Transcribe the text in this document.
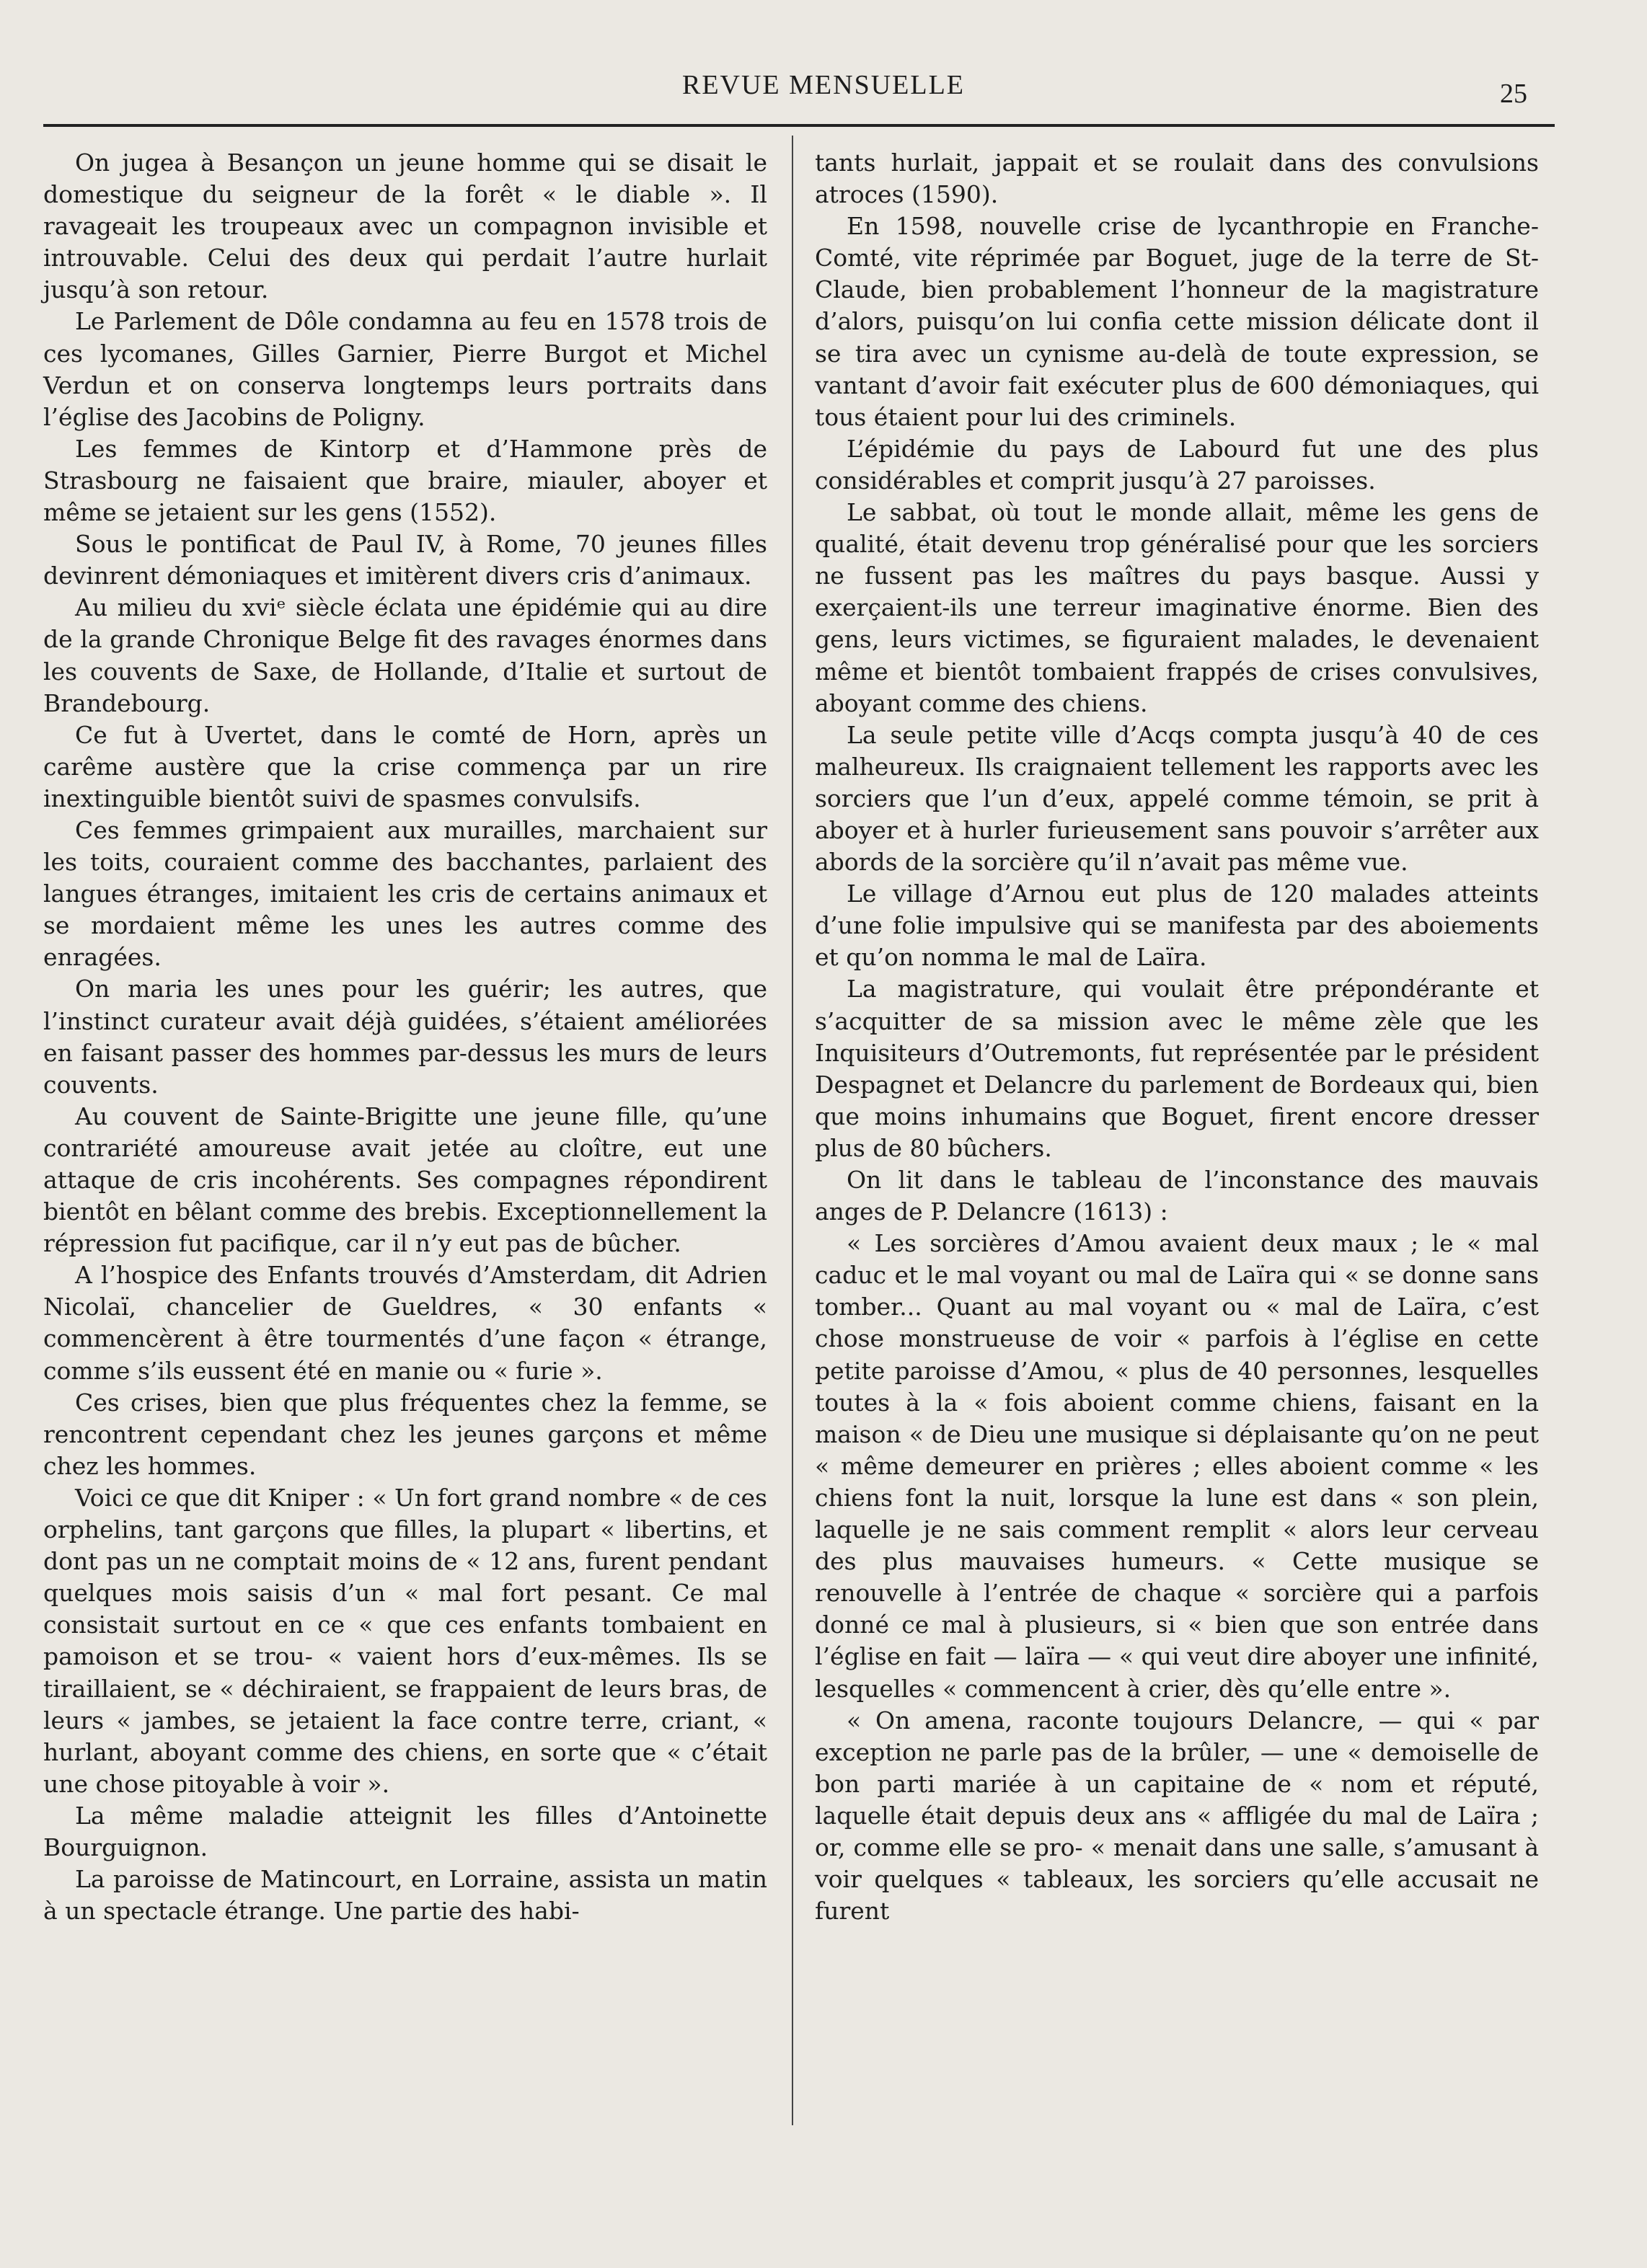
REVUE MENSUELLE	25

On jugea à Besançon un jeune homme qui se disait le domestique du seigneur de la forêt « le diable ». Il ravageait les troupeaux avec un compagnon invisible et introuvable. Celui des deux qui perdait l’autre hurlait jusqu’à son retour.

Le Parlement de Dôle condamna au feu en 1578 trois de ces lycomanes, Gilles Garnier, Pierre Burgot et Michel Verdun et on conserva longtemps leurs portraits dans l’église des Jacobins de Poligny.

Les femmes de Kintorp et d’Hammone près de Strasbourg ne faisaient que braire, miauler, aboyer et même se jetaient sur les gens (1552).

Sous le pontificat de Paul IV, à Rome, 70 jeunes filles devinrent démoniaques et imitèrent divers cris d’animaux.

Au milieu du xviᵉ siècle éclata une épidémie qui au dire de la grande Chronique Belge fit des ravages énormes dans les couvents de Saxe, de Hollande, d’Italie et surtout de Brandebourg.

Ce fut à Uvertet, dans le comté de Horn, après un carême austère que la crise commença par un rire inextinguible bientôt suivi de spasmes convulsifs.

Ces femmes grimpaient aux murailles, marchaient sur les toits, couraient comme des bacchantes, parlaient des langues étranges, imitaient les cris de certains animaux et se mordaient même les unes les autres comme des enragées.

On maria les unes pour les guérir; les autres, que l’instinct curateur avait déjà guidées, s’étaient améliorées en faisant passer des hommes par-dessus les murs de leurs couvents.

Au couvent de Sainte-Brigitte une jeune fille, qu’une contrariété amoureuse avait jetée au cloître, eut une attaque de cris incohérents. Ses compagnes répondirent bientôt en bêlant comme des brebis. Exceptionnellement la répression fut pacifique, car il n’y eut pas de bûcher.

A l’hospice des Enfants trouvés d’Amsterdam, dit Adrien Nicolaï, chancelier de Gueldres, « 30 enfants « commencèrent à être tourmentés d’une façon « étrange, comme s’ils eussent été en manie ou « furie ».

Ces crises, bien que plus fréquentes chez la femme, se rencontrent cependant chez les jeunes garçons et même chez les hommes.

Voici ce que dit Kniper : « Un fort grand nombre « de ces orphelins, tant garçons que filles, la plupart « libertins, et dont pas un ne comptait moins de « 12 ans, furent pendant quelques mois saisis d’un « mal fort pesant. Ce mal consistait surtout en ce « que ces enfants tombaient en pamoison et se trou- « vaient hors d’eux-mêmes. Ils se tiraillaient, se « déchiraient, se frappaient de leurs bras, de leurs « jambes, se jetaient la face contre terre, criant, « hurlant, aboyant comme des chiens, en sorte que « c’était une chose pitoyable à voir ».

La même maladie atteignit les filles d’Antoinette Bourguignon.

La paroisse de Matincourt, en Lorraine, assista un matin à un spectacle étrange. Une partie des habi-

tants hurlait, jappait et se roulait dans des convulsions atroces (1590).

En 1598, nouvelle crise de lycanthropie en Franche-Comté, vite réprimée par Boguet, juge de la terre de St-Claude, bien probablement l’honneur de la magistrature d’alors, puisqu’on lui confia cette mission délicate dont il se tira avec un cynisme au-delà de toute expression, se vantant d’avoir fait exécuter plus de 600 démoniaques, qui tous étaient pour lui des criminels.

L’épidémie du pays de Labourd fut une des plus considérables et comprit jusqu’à 27 paroisses.

Le sabbat, où tout le monde allait, même les gens de qualité, était devenu trop généralisé pour que les sorciers ne fussent pas les maîtres du pays basque. Aussi y exerçaient-ils une terreur imaginative énorme. Bien des gens, leurs victimes, se figuraient malades, le devenaient même et bientôt tombaient frappés de crises convulsives, aboyant comme des chiens.

La seule petite ville d’Acqs compta jusqu’à 40 de ces malheureux. Ils craignaient tellement les rapports avec les sorciers que l’un d’eux, appelé comme témoin, se prit à aboyer et à hurler furieusement sans pouvoir s’arrêter aux abords de la sorcière qu’il n’avait pas même vue.

Le village d’Arnou eut plus de 120 malades atteints d’une folie impulsive qui se manifesta par des aboiements et qu’on nomma le mal de Laïra.

La magistrature, qui voulait être prépondérante et s’acquitter de sa mission avec le même zèle que les Inquisiteurs d’Outremonts, fut représentée par le président Despagnet et Delancre du parlement de Bordeaux qui, bien que moins inhumains que Boguet, firent encore dresser plus de 80 bûchers.

On lit dans le tableau de l’inconstance des mauvais anges de P. Delancre (1613) :

« Les sorcières d’Amou avaient deux maux ; le « mal caduc et le mal voyant ou mal de Laïra qui « se donne sans tomber... Quant au mal voyant ou « mal de Laïra, c’est chose monstrueuse de voir « parfois à l’église en cette petite paroisse d’Amou, « plus de 40 personnes, lesquelles toutes à la « fois aboient comme chiens, faisant en la maison « de Dieu une musique si déplaisante qu’on ne peut « même demeurer en prières ; elles aboient comme « les chiens font la nuit, lorsque la lune est dans « son plein, laquelle je ne sais comment remplit « alors leur cerveau des plus mauvaises humeurs. « Cette musique se renouvelle à l’entrée de chaque « sorcière qui a parfois donné ce mal à plusieurs, si « bien que son entrée dans l’église en fait — laïra — « qui veut dire aboyer une infinité, lesquelles « commencent à crier, dès qu’elle entre ».

« On amena, raconte toujours Delancre, — qui « par exception ne parle pas de la brûler, — une « demoiselle de bon parti mariée à un capitaine de « nom et réputé, laquelle était depuis deux ans « affligée du mal de Laïra ; or, comme elle se pro- « menait dans une salle, s’amusant à voir quelques « tableaux, les sorciers qu’elle accusait ne furent
